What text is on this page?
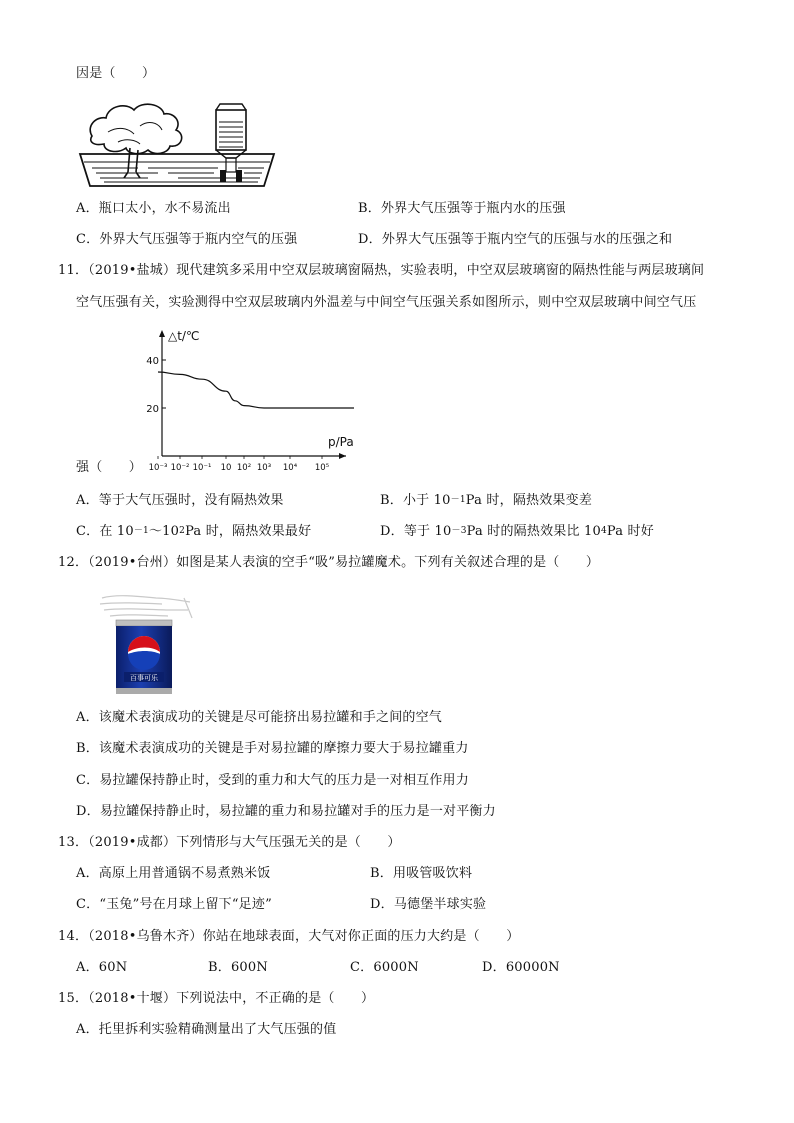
因是（　　）
A．瓶口太小，水不易流出	B．外界大气压强等于瓶内水的压强
C．外界大气压强等于瓶内空气的压强	D．外界大气压强等于瓶内空气的压强与水的压强之和
11．（2019•盐城）现代建筑多采用中空双层玻璃窗隔热，实验表明，中空双层玻璃窗的隔热性能与两层玻璃间
空气压强有关，实验测得中空双层玻璃内外温差与中间空气压强关系如图所示，则中空双层玻璃中间空气压
△t/℃
p/Pa
20
40
10⁻³ 10⁻² 10⁻¹ 10 10² 10³ 10⁴ 10⁵
强（　　）
A．等于大气压强时，没有隔热效果	B．小于 $10^{-1}Pa$ 时，隔热效果变差
C．在 $10^{-1}\sim 10^2Pa$ 时，隔热效果最好	D．等于 $10^{-3}Pa$ 时的隔热效果比 $10^4Pa$ 时好
12．（2019•台州）如图是某人表演的空手“吸”易拉罐魔术。下列有关叙述合理的是（　　）
百事可乐
A．该魔术表演成功的关键是尽可能挤出易拉罐和手之间的空气
B．该魔术表演成功的关键是手对易拉罐的摩擦力要大于易拉罐重力
C．易拉罐保持静止时，受到的重力和大气的压力是一对相互作用力
D．易拉罐保持静止时，易拉罐的重力和易拉罐对手的压力是一对平衡力
13．（2019•成都）下列情形与大气压强无关的是（　　）
A．高原上用普通锅不易煮熟米饭	B．用吸管吸饮料
C．“玉兔”号在月球上留下“足迹”	D．马德堡半球实验
14．（2018•乌鲁木齐）你站在地球表面，大气对你正面的压力大约是（　　）
A．60N	B．600N	C．6000N	D．60000N
15．（2018•十堰）下列说法中，不正确的是（　　）
A．托里拆利实验精确测量出了大气压强的值
